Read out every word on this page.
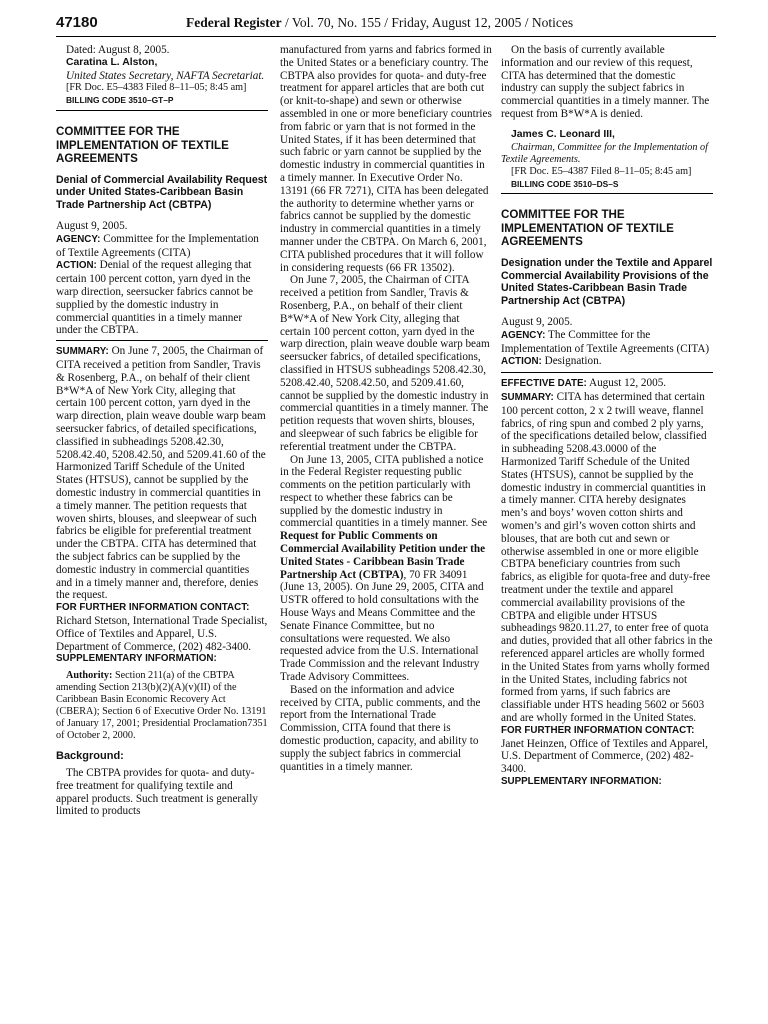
47180	Federal Register / Vol. 70, No. 155 / Friday, August 12, 2005 / Notices

Dated: August 8, 2005.

Caratina L. Alston,

United States Secretary, NAFTA Secretariat.

[FR Doc. E5–4383 Filed 8–11–05; 8:45 am]

BILLING CODE 3510–GT–P

COMMITTEE FOR THE IMPLEMENTATION OF TEXTILE AGREEMENTS

Denial of Commercial Availability Request under United States-Caribbean Basin Trade Partnership Act (CBTPA)

August 9, 2005.

AGENCY: Committee for the Implementation of Textile Agreements (CITA)

ACTION: Denial of the request alleging that certain 100 percent cotton, yarn dyed in the warp direction, seersucker fabrics cannot be supplied by the domestic industry in commercial quantities in a timely manner under the CBTPA.

SUMMARY: On June 7, 2005, the Chairman of CITA received a petition from Sandler, Travis & Rosenberg, P.A., on behalf of their client B*W*A of New York City, alleging that certain 100 percent cotton, yarn dyed in the warp direction, plain weave double warp beam seersucker fabrics, of detailed specifications, classified in subheadings 5208.42.30, 5208.42.40, 5208.42.50, and 5209.41.60 of the Harmonized Tariff Schedule of the United States (HTSUS), cannot be supplied by the domestic industry in commercial quantities in a timely manner. The petition requests that woven shirts, blouses, and sleepwear of such fabrics be eligible for preferential treatment under the CBTPA. CITA has determined that the subject fabrics can be supplied by the domestic industry in commercial quantities and in a timely manner and, therefore, denies the request.

FOR FURTHER INFORMATION CONTACT:

Richard Stetson, International Trade Specialist, Office of Textiles and Apparel, U.S. Department of Commerce, (202) 482-3400.

SUPPLEMENTARY INFORMATION:

Authority: Section 211(a) of the CBTPA amending Section 213(b)(2)(A)(v)(II) of the Caribbean Basin Economic Recovery Act (CBERA); Section 6 of Executive Order No. 13191 of January 17, 2001; Presidential Proclamation7351 of October 2, 2000.

Background:

The CBTPA provides for quota- and duty-free treatment for qualifying textile and apparel products. Such treatment is generally limited to products

manufactured from yarns and fabrics formed in the United States or a beneficiary country. The CBTPA also provides for quota- and duty-free treatment for apparel articles that are both cut (or knit-to-shape) and sewn or otherwise assembled in one or more beneficiary countries from fabric or yarn that is not formed in the United States, if it has been determined that such fabric or yarn cannot be supplied by the domestic industry in commercial quantities in a timely manner. In Executive Order No. 13191 (66 FR 7271), CITA has been delegated the authority to determine whether yarns or fabrics cannot be supplied by the domestic industry in commercial quantities in a timely manner under the CBTPA. On March 6, 2001, CITA published procedures that it will follow in considering requests (66 FR 13502).

On June 7, 2005, the Chairman of CITA received a petition from Sandler, Travis & Rosenberg, P.A., on behalf of their client B*W*A of New York City, alleging that certain 100 percent cotton, yarn dyed in the warp direction, plain weave double warp beam seersucker fabrics, of detailed specifications, classified in HTSUS subheadings 5208.42.30, 5208.42.40, 5208.42.50, and 5209.41.60, cannot be supplied by the domestic industry in commercial quantities in a timely manner. The petition requests that woven shirts, blouses, and sleepwear of such fabrics be eligible for referential treatment under the CBTPA.

On June 13, 2005, CITA published a notice in the Federal Register requesting public comments on the petition particularly with respect to whether these fabrics can be supplied by the domestic industry in commercial quantities in a timely manner. See Request for Public Comments on Commercial Availability Petition under the United States - Caribbean Basin Trade Partnership Act (CBTPA), 70 FR 34091 (June 13, 2005). On June 29, 2005, CITA and USTR offered to hold consultations with the House Ways and Means Committee and the Senate Finance Committee, but no consultations were requested. We also requested advice from the U.S. International Trade Commission and the relevant Industry Trade Advisory Committees.

Based on the information and advice received by CITA, public comments, and the report from the International Trade Commission, CITA found that there is domestic production, capacity, and ability to supply the subject fabrics in commercial quantities in a timely manner.

On the basis of currently available information and our review of this request, CITA has determined that the domestic industry can supply the subject fabrics in commercial quantities in a timely manner. The request from B*W*A is denied.

James C. Leonard III,

Chairman, Committee for the Implementation of Textile Agreements.

[FR Doc. E5–4387 Filed 8–11–05; 8:45 am]

BILLING CODE 3510–DS–S

COMMITTEE FOR THE IMPLEMENTATION OF TEXTILE AGREEMENTS

Designation under the Textile and Apparel Commercial Availability Provisions of the United States-Caribbean Basin Trade Partnership Act (CBTPA)

August 9, 2005.

AGENCY: The Committee for the Implementation of Textile Agreements (CITA)

ACTION: Designation.

EFFECTIVE DATE: August 12, 2005.

SUMMARY: CITA has determined that certain 100 percent cotton, 2 x 2 twill weave, flannel fabrics, of ring spun and combed 2 ply yarns, of the specifications detailed below, classified in subheading 5208.43.0000 of the Harmonized Tariff Schedule of the United States (HTSUS), cannot be supplied by the domestic industry in commercial quantities in a timely manner. CITA hereby designates men’s and boys’ woven cotton shirts and women’s and girl’s woven cotton shirts and blouses, that are both cut and sewn or otherwise assembled in one or more eligible CBTPA beneficiary countries from such fabrics, as eligible for quota-free and duty-free treatment under the textile and apparel commercial availability provisions of the CBTPA and eligible under HTSUS subheadings 9820.11.27, to enter free of quota and duties, provided that all other fabrics in the referenced apparel articles are wholly formed in the United States from yarns wholly formed in the United States, including fabrics not formed from yarns, if such fabrics are classifiable under HTS heading 5602 or 5603 and are wholly formed in the United States.

FOR FURTHER INFORMATION CONTACT:

Janet Heinzen, Office of Textiles and Apparel, U.S. Department of Commerce, (202) 482-3400.

SUPPLEMENTARY INFORMATION:
